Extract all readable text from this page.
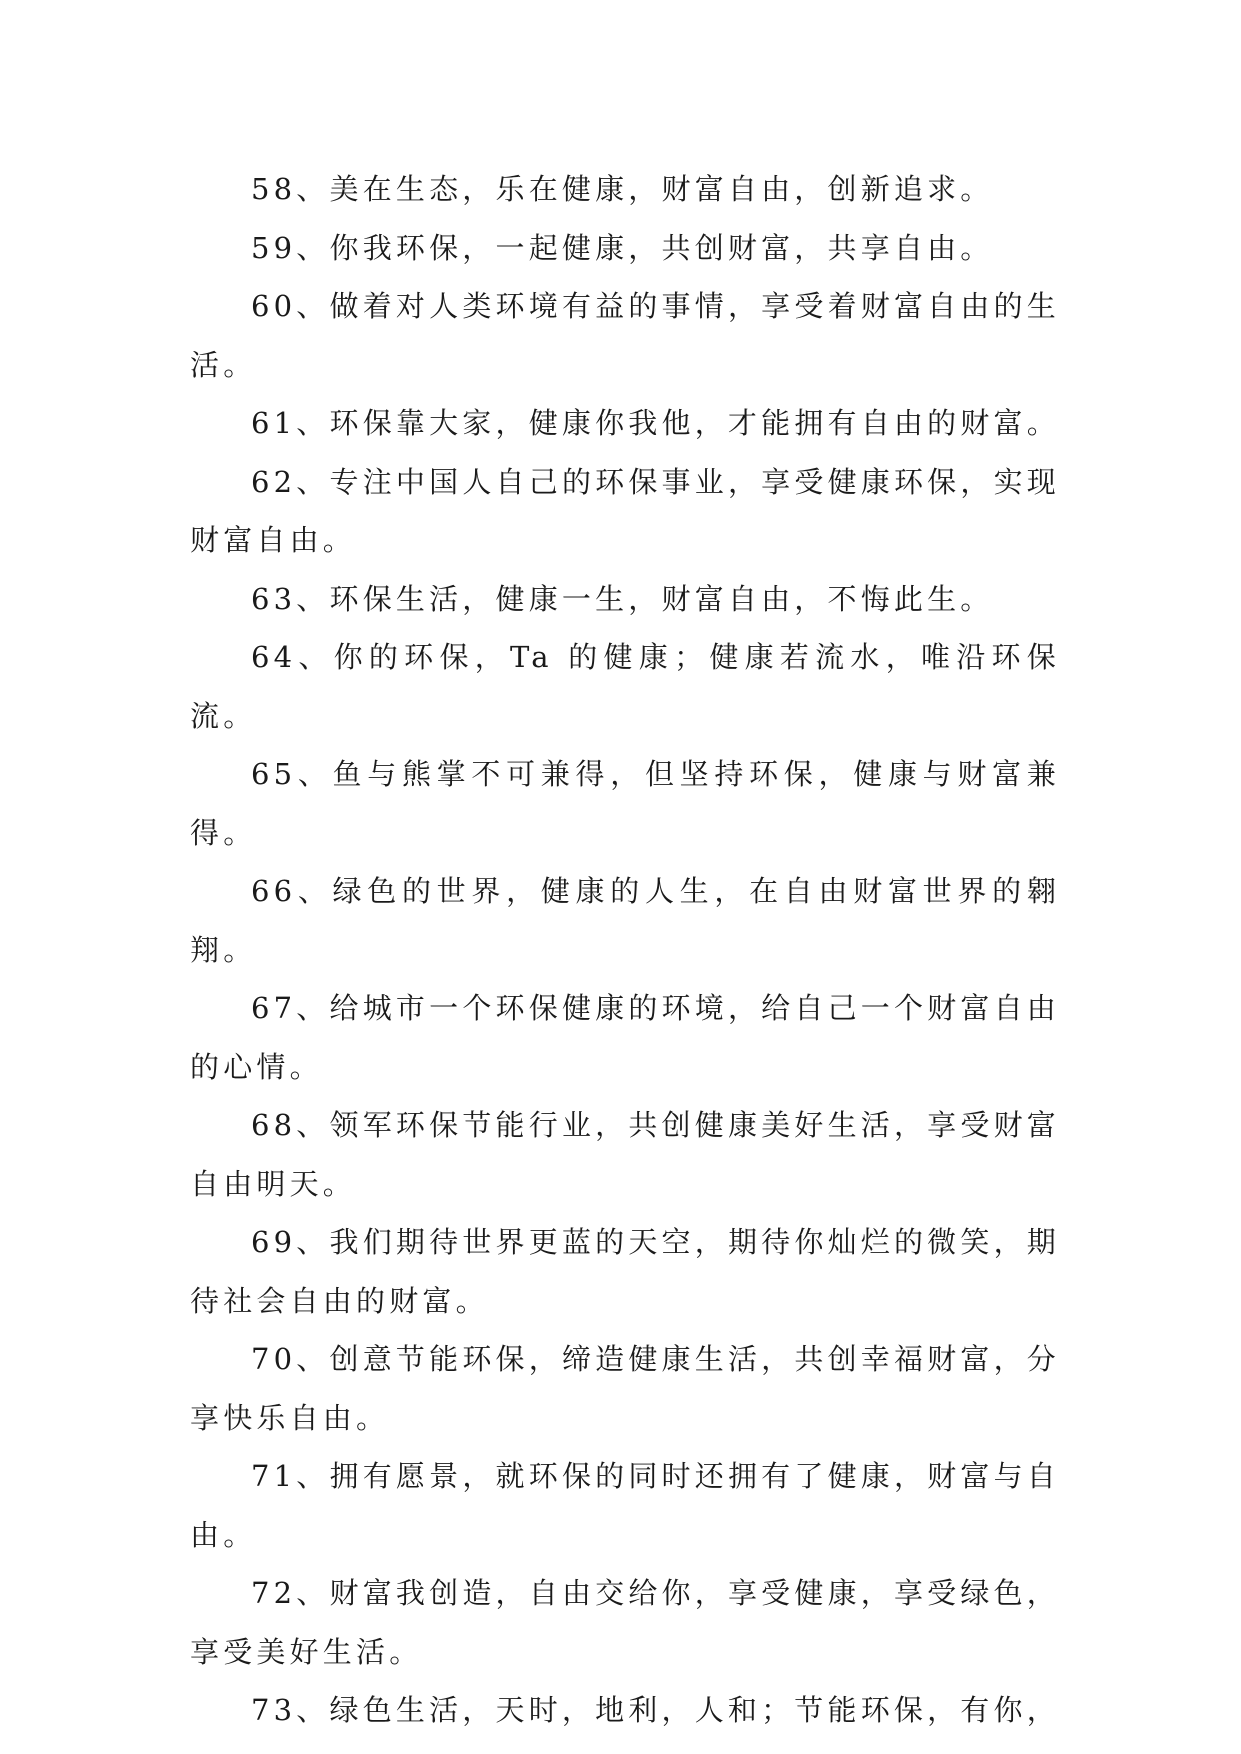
58、美在生态，乐在健康，财富自由，创新追求。

59、你我环保，一起健康，共创财富，共享自由。

60、做着对人类环境有益的事情，享受着财富自由的生活。

61、环保靠大家，健康你我他，才能拥有自由的财富。

62、专注中国人自己的环保事业，享受健康环保，实现财富自由。

63、环保生活，健康一生，财富自由，不悔此生。

64、你的环保，Ta 的健康；健康若流水，唯沿环保流。

65、鱼与熊掌不可兼得，但坚持环保，健康与财富兼得。

66、绿色的世界，健康的人生，在自由财富世界的翱翔。

67、给城市一个环保健康的环境，给自己一个财富自由的心情。

68、领军环保节能行业，共创健康美好生活，享受财富自由明天。

69、我们期待世界更蓝的天空，期待你灿烂的微笑，期待社会自由的财富。

70、创意节能环保，缔造健康生活，共创幸福财富，分享快乐自由。

71、拥有愿景，就环保的同时还拥有了健康，财富与自由。

72、财富我创造，自由交给你，享受健康，享受绿色，享受美好生活。

73、绿色生活，天时，地利，人和；节能环保，有你，
